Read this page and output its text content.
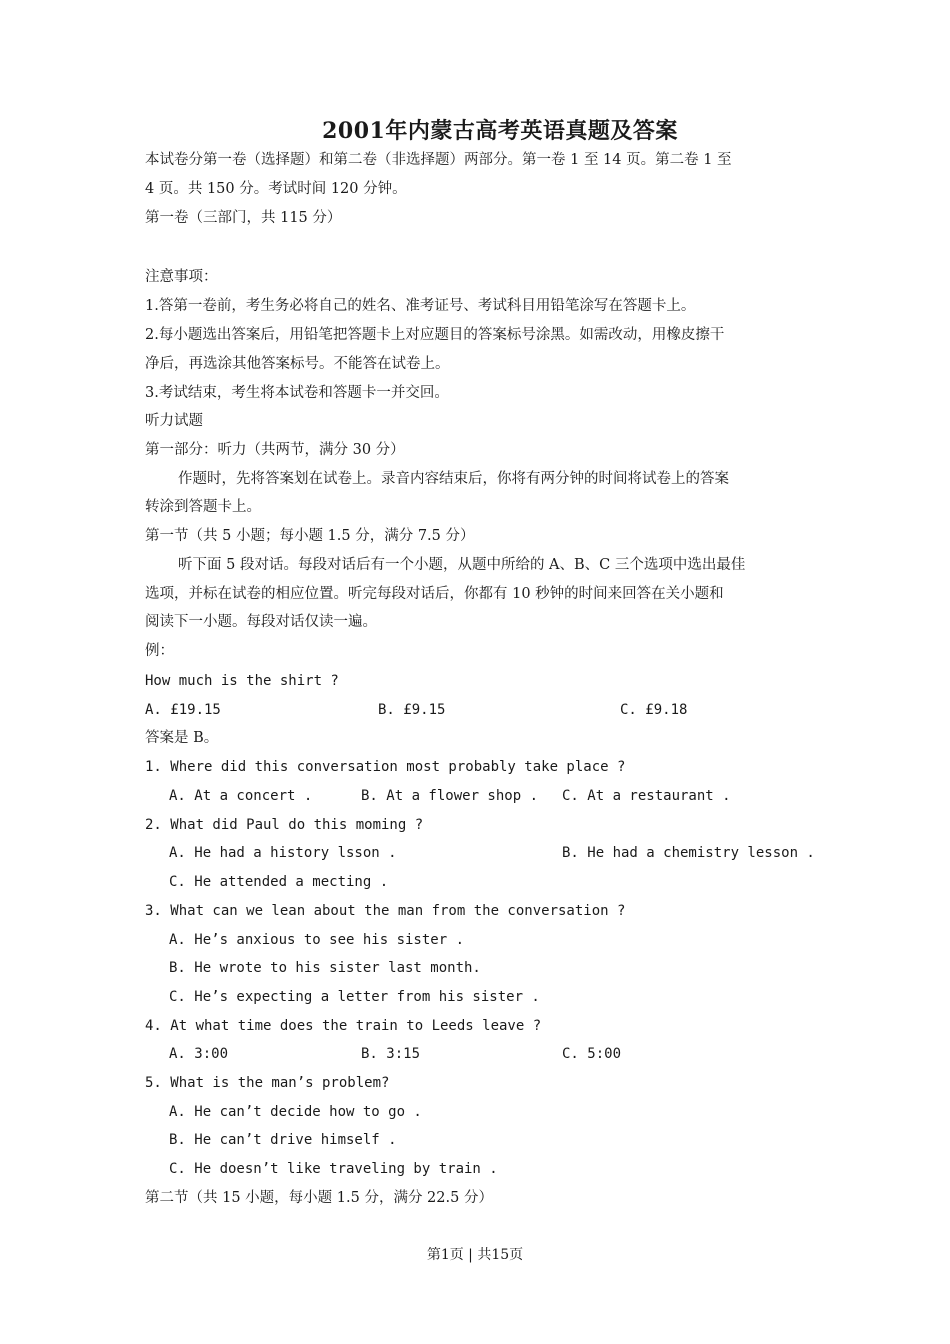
2001年内蒙古高考英语真题及答案
本试卷分第一卷（选择题）和第二卷（非选择题）两部分。第一卷 1 至 14 页。第二卷 1 至
4 页。共 150 分。考试时间 120 分钟。
第一卷（三部门，共 115 分）
注意事项：
1.答第一卷前，考生务必将自己的姓名、准考证号、考试科目用铅笔涂写在答题卡上。
2.每小题选出答案后，用铅笔把答题卡上对应题目的答案标号涂黑。如需改动，用橡皮擦干
净后，再选涂其他答案标号。不能答在试卷上。
3.考试结束，考生将本试卷和答题卡一并交回。
听力试题
第一部分：听力（共两节，满分 30 分）
作题时，先将答案划在试卷上。录音内容结束后，你将有两分钟的时间将试卷上的答案
转涂到答题卡上。
第一节（共 5 小题；每小题 1.5 分，满分 7.5 分）
听下面 5 段对话。每段对话后有一个小题，从题中所给的 A、B、C 三个选项中选出最佳
选项，并标在试卷的相应位置。听完每段对话后，你都有 10 秒钟的时间来回答在关小题和
阅读下一小题。每段对话仅读一遍。
例：
How much is the shirt ?
A. £19.15	B. £9.15	C. £9.18
答案是 B。
1. Where did this conversation most probably take place ?
A. At a concert .	B. At a flower shop . C. At a restaurant .
2. What did Paul do this moming ?
A. He had a history lsson .	B. He had a chemistry lesson .
C. He attended a mecting .
3. What can we lean about the man from the conversation ?
A. He’s anxious to see his sister .
B. He wrote to his sister last month.
C. He’s expecting a letter from his sister .
4. At what time does the train to Leeds leave ?
A. 3:00	B. 3:15	C. 5:00
5. What is the man’s problem?
A. He can’t decide how to go .
B. He can’t drive himself .
C. He doesn’t like traveling by train .
第二节（共 15 小题，每小题 1.5 分，满分 22.5 分）
第1页 | 共15页
